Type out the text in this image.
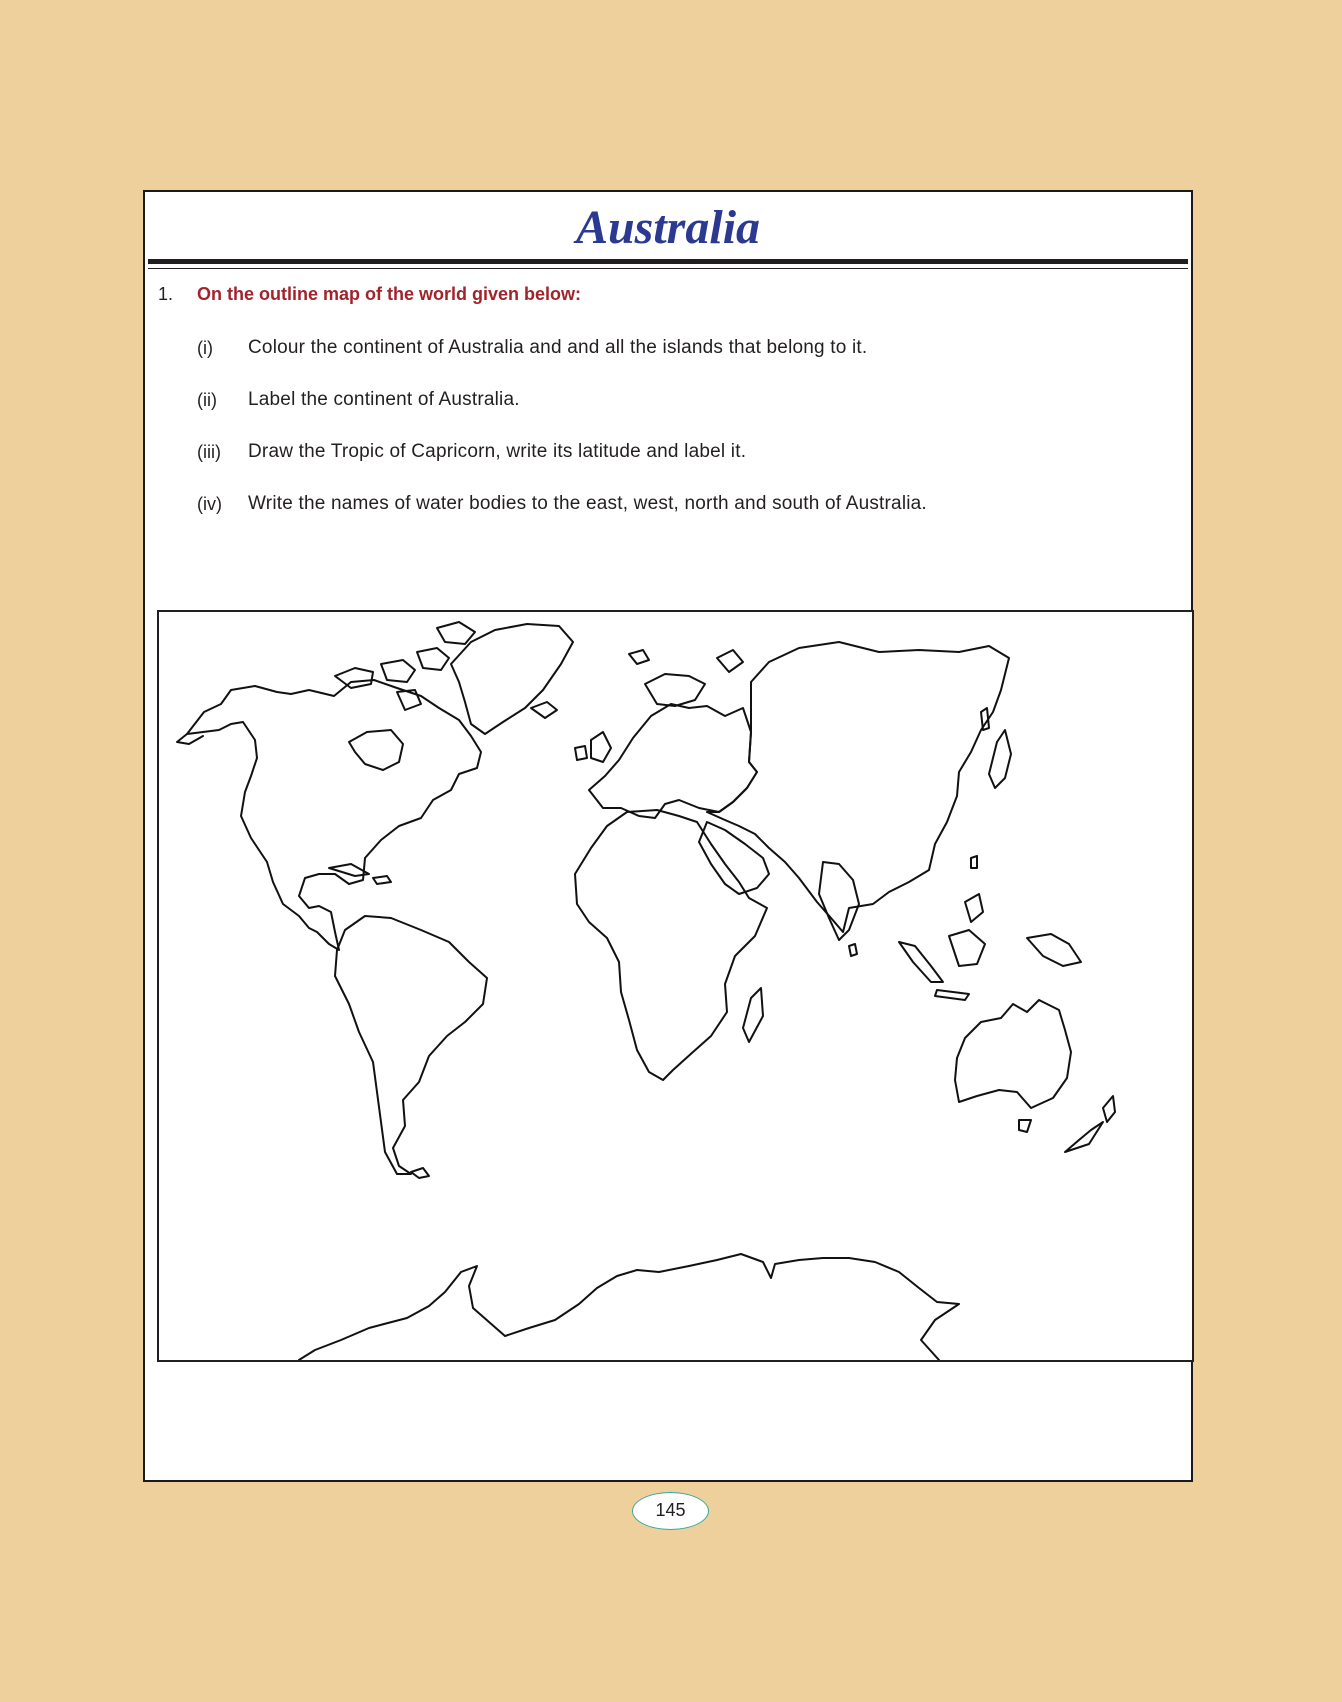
Australia
1. On the outline map of the world given below:
(i) Colour the continent of Australia and and all the islands that belong to it.
(ii) Label the continent of Australia.
(iii) Draw the Tropic of Capricorn, write its latitude and label it.
(iv) Write the names of water bodies to the east, west, north and south of Australia.
145
